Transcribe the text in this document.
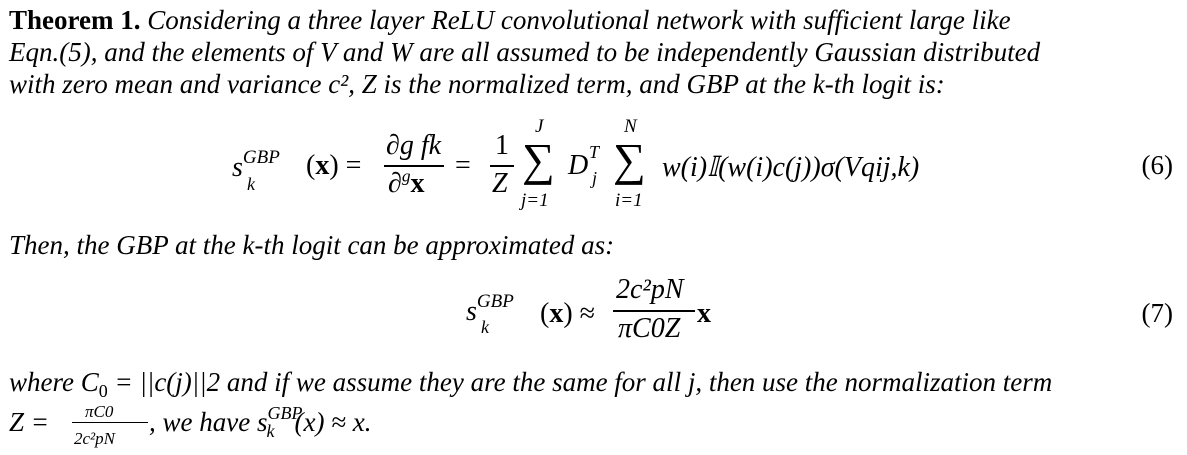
Theorem 1. Considering a three layer ReLU convolutional network with sufficient large like
Eqn.(5), and the elements of V and W are all assumed to be independently Gaussian distributed
with zero mean and variance c², Z is the normalized term, and GBP at the k-th logit is:
$s^{GBP}$
k
(x) =
∂g fk
∂$^g$x
=
1
Z
J
∑
j=1
D T
j
N
∑
i=1
w(i)𝕀(w(i)c(j))σ(Vqij,k)	(6)
Then, the GBP at the k-th logit can be approximated as:
$s^{GBP}$
k (x) ≈
2c²pN
πC0Z x	(7)
where $C_0 = ||c(j)||2$ and if we assume they are the same for all j, then use the normalization term
Z = πC0
2c²pN
, we have $s^{GBP}_k$ (x) ≈ x.
